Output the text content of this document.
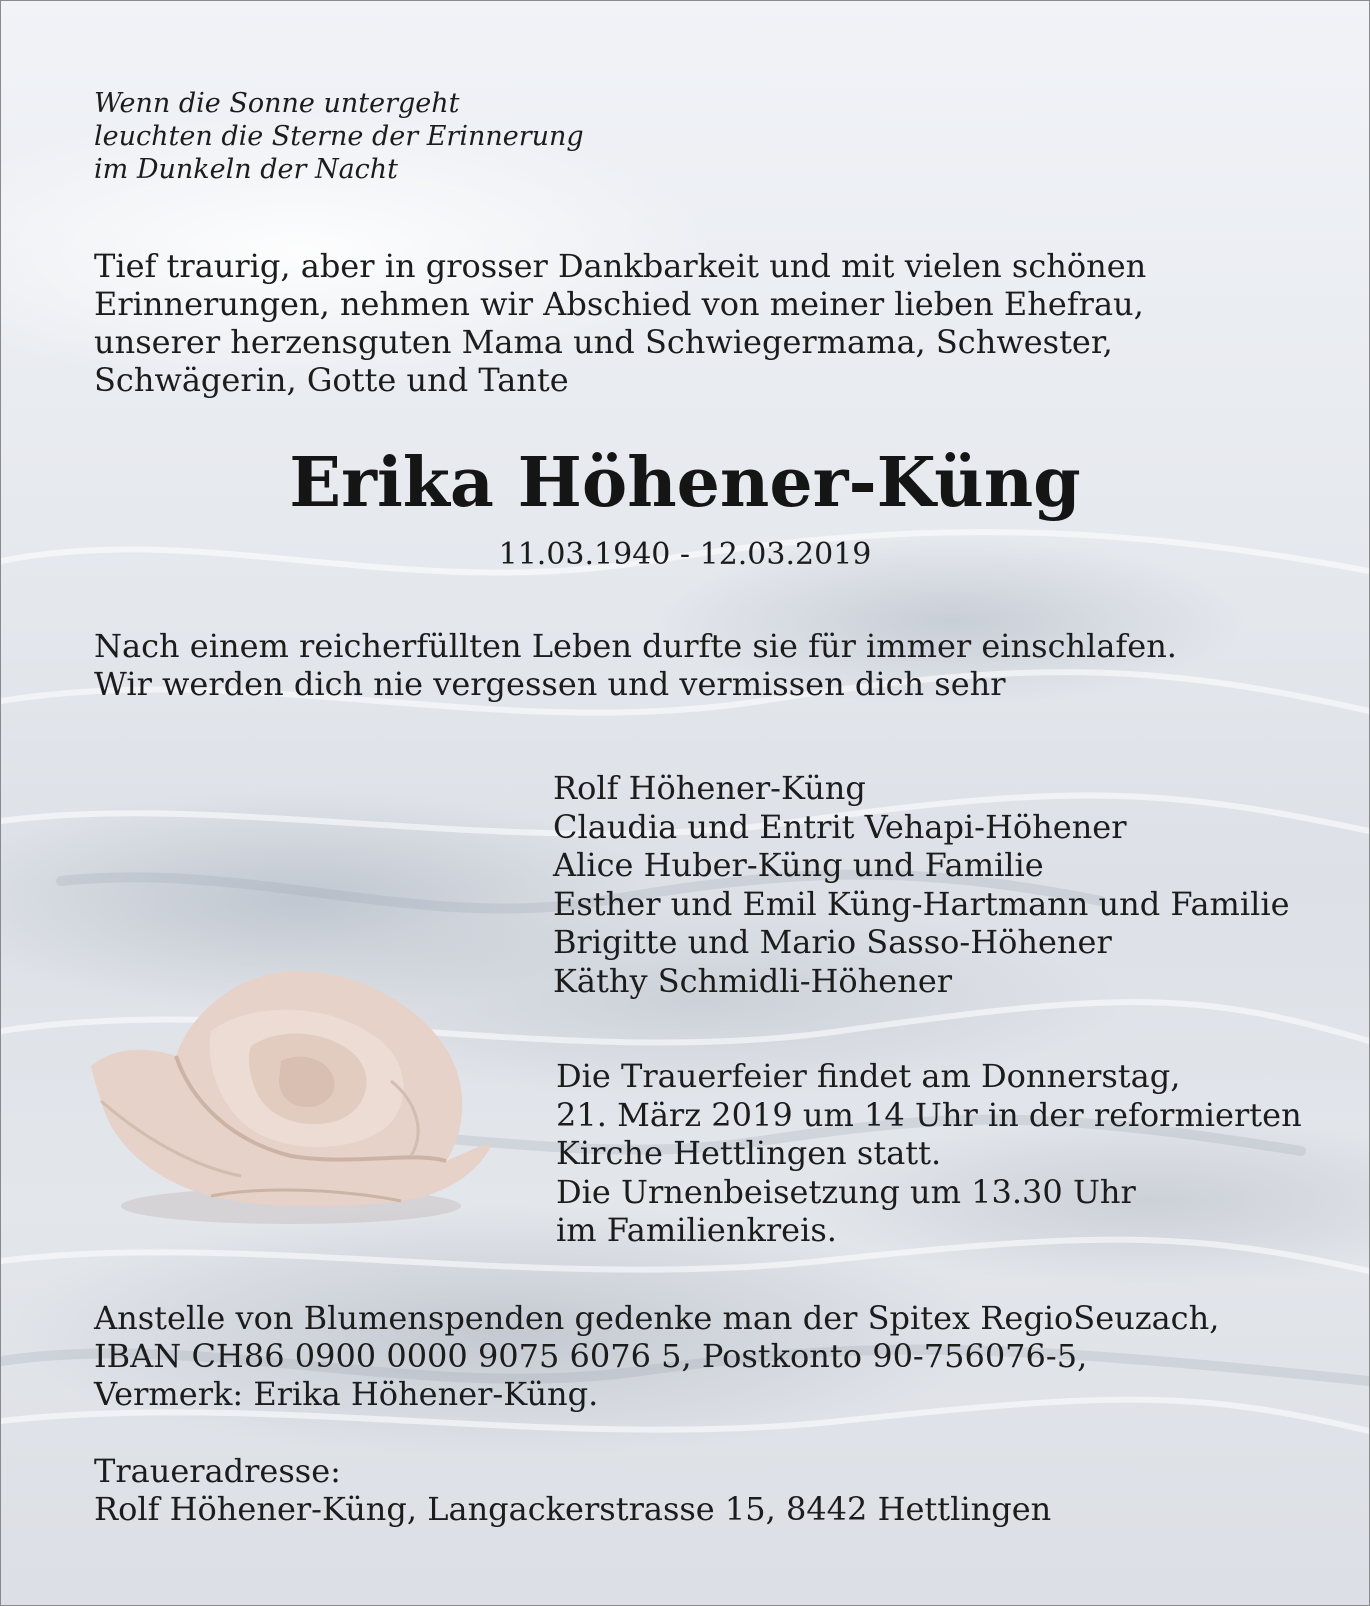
Wenn die Sonne untergeht
leuchten die Sterne der Erinnerung
im Dunkeln der Nacht

Tief traurig, aber in grosser Dankbarkeit und mit vielen schönen
Erinnerungen, nehmen wir Abschied von meiner lieben Ehefrau,
unserer herzensguten Mama und Schwiegermama, Schwester,
Schwägerin, Gotte und Tante

Erika Höhener-Küng

11.03.1940 - 12.03.2019

Nach einem reicherfüllten Leben durfte sie für immer einschlafen.
Wir werden dich nie vergessen und vermissen dich sehr

Rolf Höhener-Küng
Claudia und Entrit Vehapi-Höhener
Alice Huber-Küng und Familie
Esther und Emil Küng-Hartmann und Familie
Brigitte und Mario Sasso-Höhener
Käthy Schmidli-Höhener

Die Trauerfeier findet am Donnerstag,
21. März 2019 um 14 Uhr in der reformierten
Kirche Hettlingen statt.
Die Urnenbeisetzung um 13.30 Uhr
im Familienkreis.

Anstelle von Blumenspenden gedenke man der Spitex RegioSeuzach,
IBAN CH86 0900 0000 9075 6076 5, Postkonto 90-756076-5,
Vermerk: Erika Höhener-Küng.

Traueradresse:

Rolf Höhener-Küng, Langackerstrasse 15, 8442 Hettlingen
